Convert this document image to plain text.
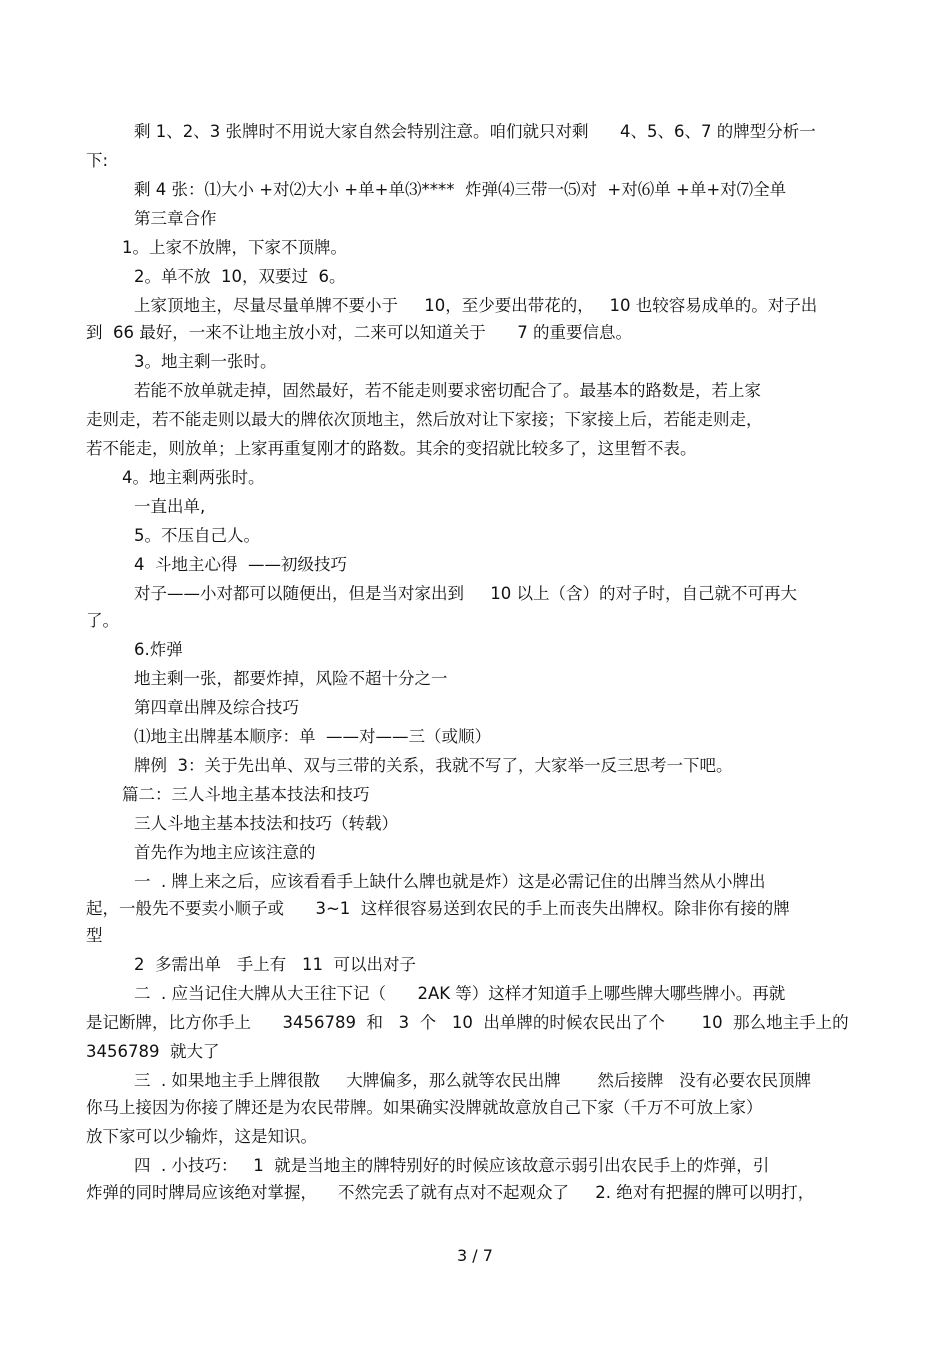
剩 1、2、3 张牌时不用说大家自然会特别注意。咱们就只对剩      4、5、6、7 的牌型分析一
下:
剩 4 张：⑴大小 +对⑵大小 +单+单⑶****  炸弹⑷三带一⑸对  +对⑹单 +单+对⑺全单
第三章合作
1。上家不放牌，下家不顶牌。
2。单不放  10，双要过  6。
上家顶地主，尽量尽量单牌不要小于     10，至少要出带花的，   10 也较容易成单的。对子出
到  66 最好，一来不让地主放小对，二来可以知道关于      7 的重要信息。
3。地主剩一张时。
若能不放单就走掉，固然最好，若不能走则要求密切配合了。最基本的路数是，若上家
走则走，若不能走则以最大的牌依次顶地主，然后放对让下家接；下家接上后，若能走则走，
若不能走，则放单；上家再重复刚才的路数。其余的变招就比较多了，这里暂不表。
4。地主剩两张时。
一直出单,
5。不压自己人。
4  斗地主心得  ——初级技巧
对子——小对都可以随便出，但是当对家出到     10 以上（含）的对子时，自己就不可再大
了。
6.炸弹
地主剩一张，都要炸掉，风险不超十分之一
第四章出牌及综合技巧
⑴地主出牌基本顺序：单  ——对——三（或顺）
牌例  3：关于先出单、双与三带的关系，我就不写了，大家举一反三思考一下吧。
篇二：三人斗地主基本技法和技巧
三人斗地主基本技法和技巧（转载）
首先作为地主应该注意的
一  . 牌上来之后，应该看看手上缺什么牌也就是炸）这是必需记住的出牌当然从小牌出
起，一般先不要卖小顺子或      3~1  这样很容易送到农民的手上而丧失出牌权。除非你有接的牌
型
2  多需出单   手上有   11  可以出对子
二  . 应当记住大牌从大王往下记（      2AK 等）这样才知道手上哪些牌大哪些牌小。再就
是记断牌，比方你手上      3456789  和   3  个   10  出单牌的时候农民出了个       10  那么地主手上的
3456789  就大了
三  . 如果地主手上牌很散     大牌偏多，那么就等农民出牌       然后接牌   没有必要农民顶牌
你马上接因为你接了牌还是为农民带牌。如果确实没牌就故意放自己下家（千万不可放上家）
放下家可以少输炸，这是知识。
四  . 小技巧：   1  就是当地主的牌特别好的时候应该故意示弱引出农民手上的炸弹，引
炸弹的同时牌局应该绝对掌握，    不然完丢了就有点对不起观众了     2. 绝对有把握的牌可以明打，
3 / 7
